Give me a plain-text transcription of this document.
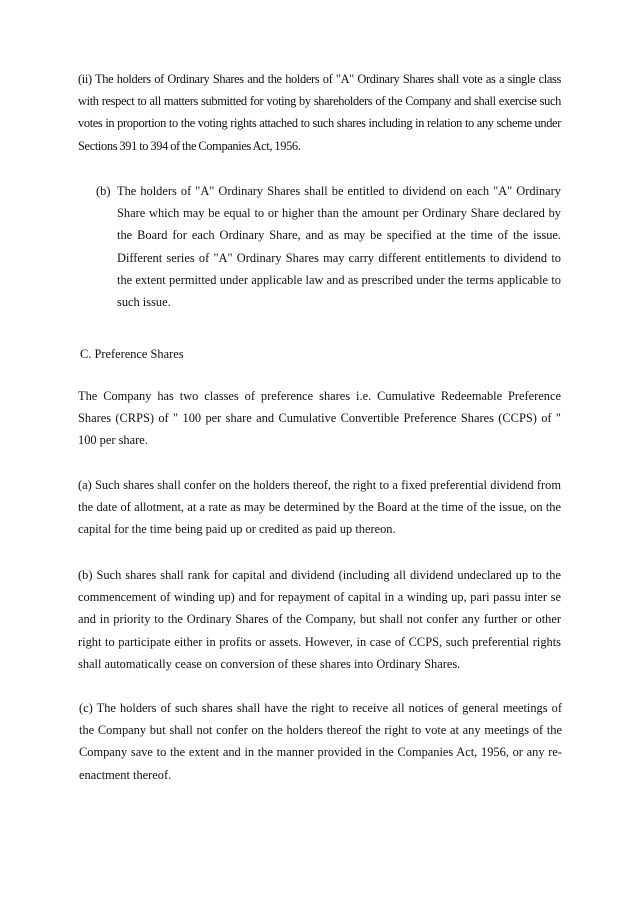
(ii) The holders of Ordinary Shares and the holders of "A" Ordinary Shares shall vote as a single class with respect to all matters submitted for voting by shareholders of the Company and shall exercise such votes in proportion to the voting rights attached to such shares including in relation to any scheme under Sections 391 to 394 of the Companies Act, 1956.

(b) The holders of "A" Ordinary Shares shall be entitled to dividend on each "A" Ordinary Share which may be equal to or higher than the amount per Ordinary Share declared by the Board for each Ordinary Share, and as may be specified at the time of the issue. Different series of "A" Ordinary Shares may carry different entitlements to dividend to the extent permitted under applicable law and as prescribed under the terms applicable to such issue.

C. Preference Shares

The Company has two classes of preference shares i.e. Cumulative Redeemable Preference Shares (CRPS) of " 100 per share and Cumulative Convertible Preference Shares (CCPS) of " 100 per share.

(a) Such shares shall confer on the holders thereof, the right to a fixed preferential dividend from the date of allotment, at a rate as may be determined by the Board at the time of the issue, on the capital for the time being paid up or credited as paid up thereon.

(b) Such shares shall rank for capital and dividend (including all dividend undeclared up to the commencement of winding up) and for repayment of capital in a winding up, pari passu inter se and in priority to the Ordinary Shares of the Company, but shall not confer any further or other right to participate either in profits or assets. However, in case of CCPS, such preferential rights shall automatically cease on conversion of these shares into Ordinary Shares.

(c) The holders of such shares shall have the right to receive all notices of general meetings of the Company but shall not confer on the holders thereof the right to vote at any meetings of the Company save to the extent and in the manner provided in the Companies Act, 1956, or any re-enactment thereof.
